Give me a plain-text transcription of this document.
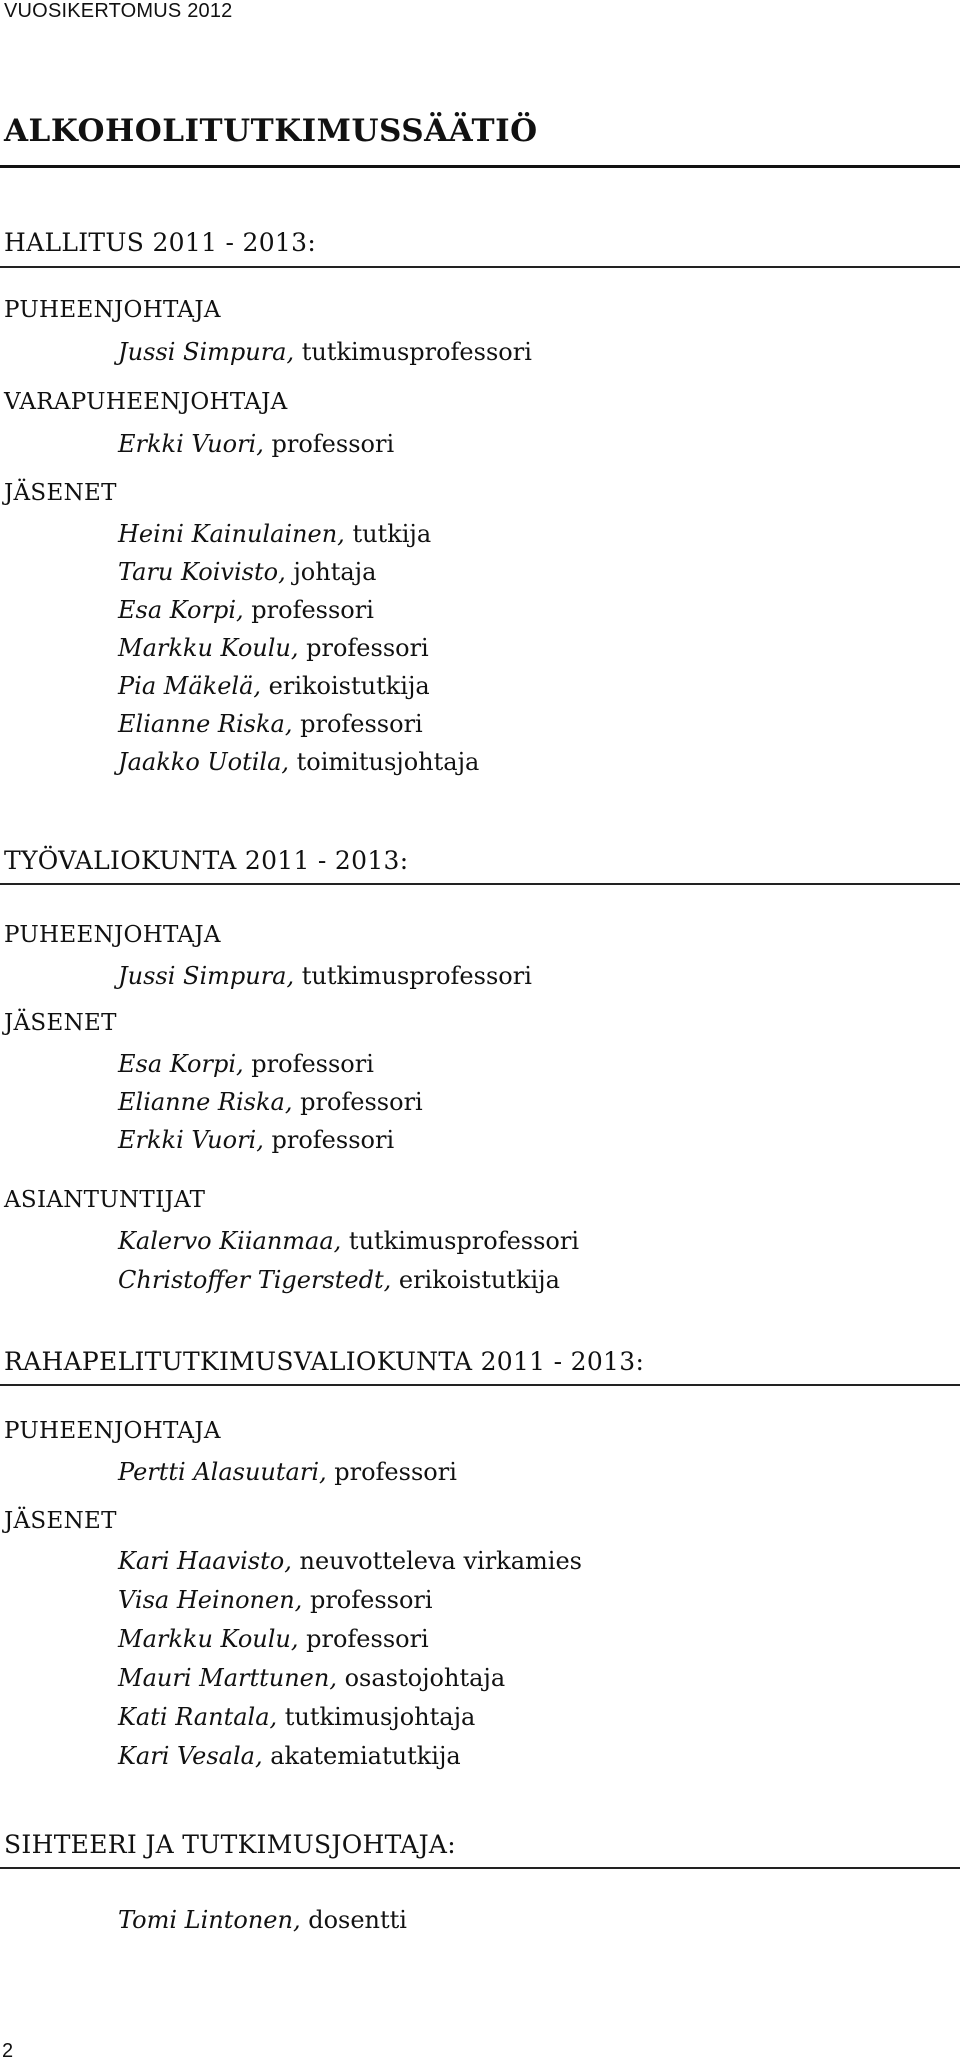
VUOSIKERTOMUS 2012
ALKOHOLITUTKIMUSSÄÄTIÖ
HALLITUS 2011 - 2013:
PUHEENJOHTAJA
Jussi Simpura, tutkimusprofessori
VARAPUHEENJOHTAJA
Erkki Vuori, professori
JÄSENET
Heini Kainulainen, tutkija
Taru Koivisto, johtaja
Esa Korpi, professori
Markku Koulu, professori
Pia Mäkelä, erikoistutkija
Elianne Riska, professori
Jaakko Uotila, toimitusjohtaja
TYÖVALIOKUNTA 2011 - 2013:
PUHEENJOHTAJA
Jussi Simpura, tutkimusprofessori
JÄSENET
Esa Korpi, professori
Elianne Riska, professori
Erkki Vuori, professori
ASIANTUNTIJAT
Kalervo Kiianmaa, tutkimusprofessori
Christoffer Tigerstedt, erikoistutkija
RAHAPELITUTKIMUSVALIOKUNTA 2011 - 2013:
PUHEENJOHTAJA
Pertti Alasuutari, professori
JÄSENET
Kari Haavisto, neuvotteleva virkamies
Visa Heinonen, professori
Markku Koulu, professori
Mauri Marttunen, osastojohtaja
Kati Rantala, tutkimusjohtaja
Kari Vesala, akatemiatutkija
SIHTEERI JA TUTKIMUSJOHTAJA:
Tomi Lintonen, dosentti
2
